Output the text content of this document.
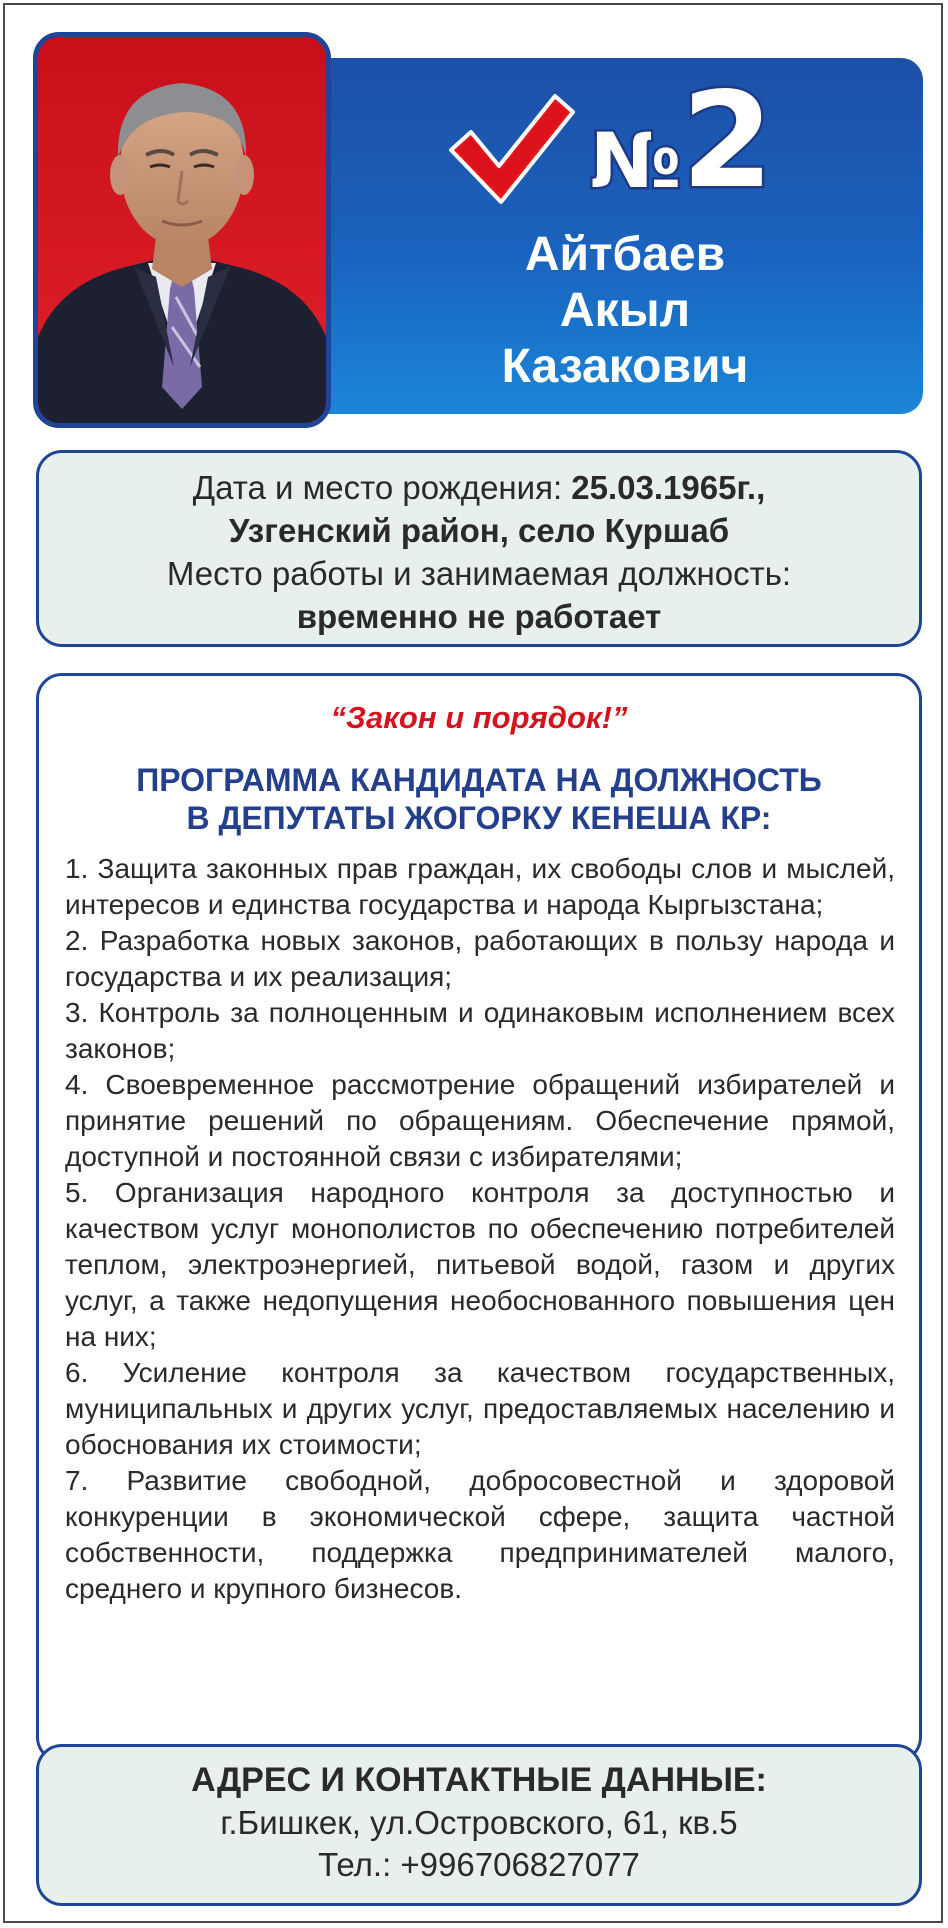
№ 2
Айтбаев
Акыл
Казакович
Дата и место рождения: 25.03.1965г.,
Узгенский район, село Куршаб
Место работы и занимаемая должность:
временно не работает
“Закон и порядок!”
ПРОГРАММА КАНДИДАТА НА ДОЛЖНОСТЬ
В ДЕПУТАТЫ ЖОГОРКУ КЕНЕША КР:

1. Защита законных прав граждан, их свободы слов и мыслей, интересов и единства государства и народа Кыргызстана;

2. Разработка новых законов, работающих в пользу народа и государства и их реализация;

3. Контроль за полноценным и одинаковым исполнением всех законов;

4. Своевременное рассмотрение обращений избирателей и принятие решений по обращениям. Обеспечение прямой, доступной и постоянной связи с избирателями;

5. Организация народного контроля за доступностью и качеством услуг монополистов по обеспечению потребителей теплом, электроэнергией, питьевой водой, газом и других услуг, а также недопущения необоснованного повышения цен на них;

6. Усиление контроля за качеством государственных, муниципальных и других услуг, предоставляемых населению и обоснования их стоимости;

7. Развитие свободной, добросовестной и здоровой конкуренции в экономической сфере, защита частной собственности, поддержка предпринимателей малого, среднего и крупного бизнесов.

АДРЕС И КОНТАКТНЫЕ ДАННЫЕ:
г.Бишкек, ул.Островского, 61, кв.5
Тел.: +996706827077
